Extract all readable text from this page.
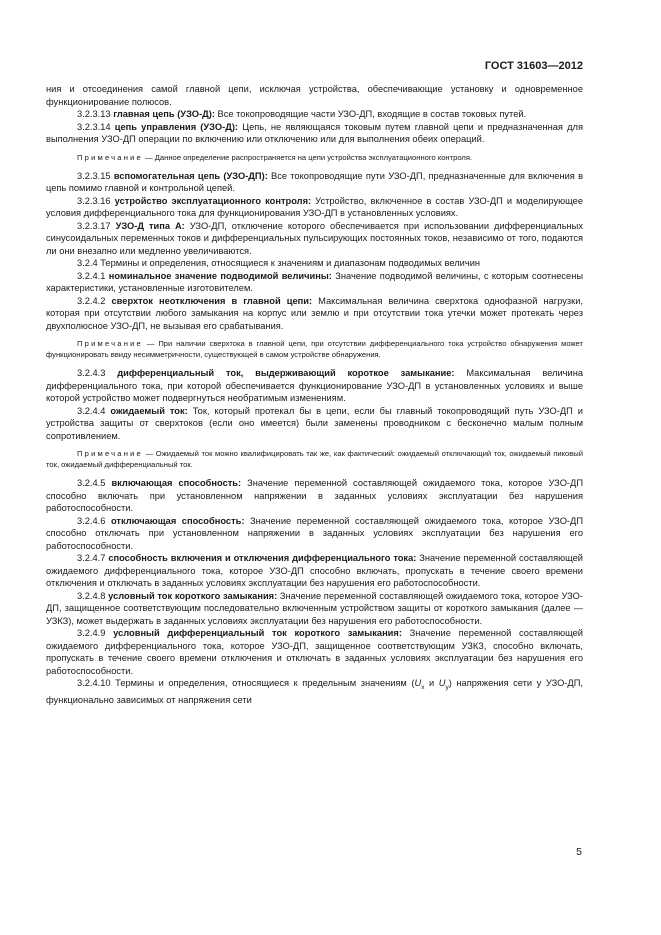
ГОСТ 31603—2012

ния и отсоединения самой главной цепи, исключая устройства, обеспечивающие установку и одновременное функционирование полюсов.

3.2.3.13 главная цепь (УЗО-Д): Все токопроводящие части УЗО-ДП, входящие в состав токовых путей.

3.2.3.14 цепь управления (УЗО-Д): Цепь, не являющаяся токовым путем главной цепи и предназначенная для выполнения УЗО-ДП операции по включению или отключению или для выполнения обеих операций.

Примечание — Данное определение распространяется на цепи устройства эксплуатационного контроля.

3.2.3.15 вспомогательная цепь (УЗО-ДП): Все токопроводящие пути УЗО-ДП, предназначенные для включения в цепь помимо главной и контрольной цепей.

3.2.3.16 устройство эксплуатационного контроля: Устройство, включенное в состав УЗО-ДП и моделирующее условия дифференциального тока для функционирования УЗО-ДП в установленных условиях.

3.2.3.17 УЗО-Д типа А: УЗО-ДП, отключение которого обеспечивается при использовании дифференциальных синусоидальных переменных токов и дифференциальных пульсирующих постоянных токов, независимо от того, подаются ли они внезапно или медленно увеличиваются.

3.2.4 Термины и определения, относящиеся к значениям и диапазонам подводимых величин

3.2.4.1 номинальное значение подводимой величины: Значение подводимой величины, с которым соотнесены характеристики, установленные изготовителем.

3.2.4.2 сверхток неотключения в главной цепи: Максимальная величина сверхтока однофазной нагрузки, которая при отсутствии любого замыкания на корпус или землю и при отсутствии тока утечки может протекать через двухполюсное УЗО-ДП, не вызывая его срабатывания.

Примечание — При наличии сверхтока в главной цепи, при отсутствии дифференциального тока устройство обнаружения может функционировать ввиду несимметричности, существующей в самом устройстве обнаружения.

3.2.4.3 дифференциальный ток, выдерживающий короткое замыкание: Максимальная величина дифференциального тока, при которой обеспечивается функционирование УЗО-ДП в установленных условиях и выше которой устройство может подвергнуться необратимым изменениям.

3.2.4.4 ожидаемый ток: Ток, который протекал бы в цепи, если бы главный токопроводящий путь УЗО-ДП и устройства защиты от сверхтоков (если оно имеется) были заменены проводником с бесконечно малым полным сопротивлением.

Примечание — Ожидаемый ток можно квалифицировать так же, как фактический: ожидаемый отключающий ток, ожидаемый пиковый ток, ожидаемый дифференциальный ток.

3.2.4.5 включающая способность: Значение переменной составляющей ожидаемого тока, которое УЗО-ДП способно включать при установленном напряжении в заданных условиях эксплуатации без нарушения работоспособности.

3.2.4.6 отключающая способность: Значение переменной составляющей ожидаемого тока, которое УЗО-ДП способно отключать при установленном напряжении в заданных условиях эксплуатации без нарушения его работоспособности.

3.2.4.7 способность включения и отключения дифференциального тока: Значение переменной составляющей ожидаемого дифференциального тока, которое УЗО-ДП способно включать, пропускать в течение своего времени отключения и отключать в заданных условиях эксплуатации без нарушения его работоспособности.

3.2.4.8 условный ток короткого замыкания: Значение переменной составляющей ожидаемого тока, которое УЗО-ДП, защищенное соответствующим последовательно включенным устройством защиты от короткого замыкания (далее — УЗКЗ), может выдержать в заданных условиях эксплуатации без нарушения его работоспособности.

3.2.4.9 условный дифференциальный ток короткого замыкания: Значение переменной составляющей ожидаемого дифференциального тока, которое УЗО-ДП, защищенное соответствующим УЗКЗ, способно включать, пропускать в течение своего времени отключения и отключать в заданных условиях эксплуатации без нарушения его работоспособности.

3.2.4.10 Термины и определения, относящиеся к предельным значениям ($U_x$ и $U_y$) напряжения сети у УЗО-ДП, функционально зависимых от напряжения сети

5
